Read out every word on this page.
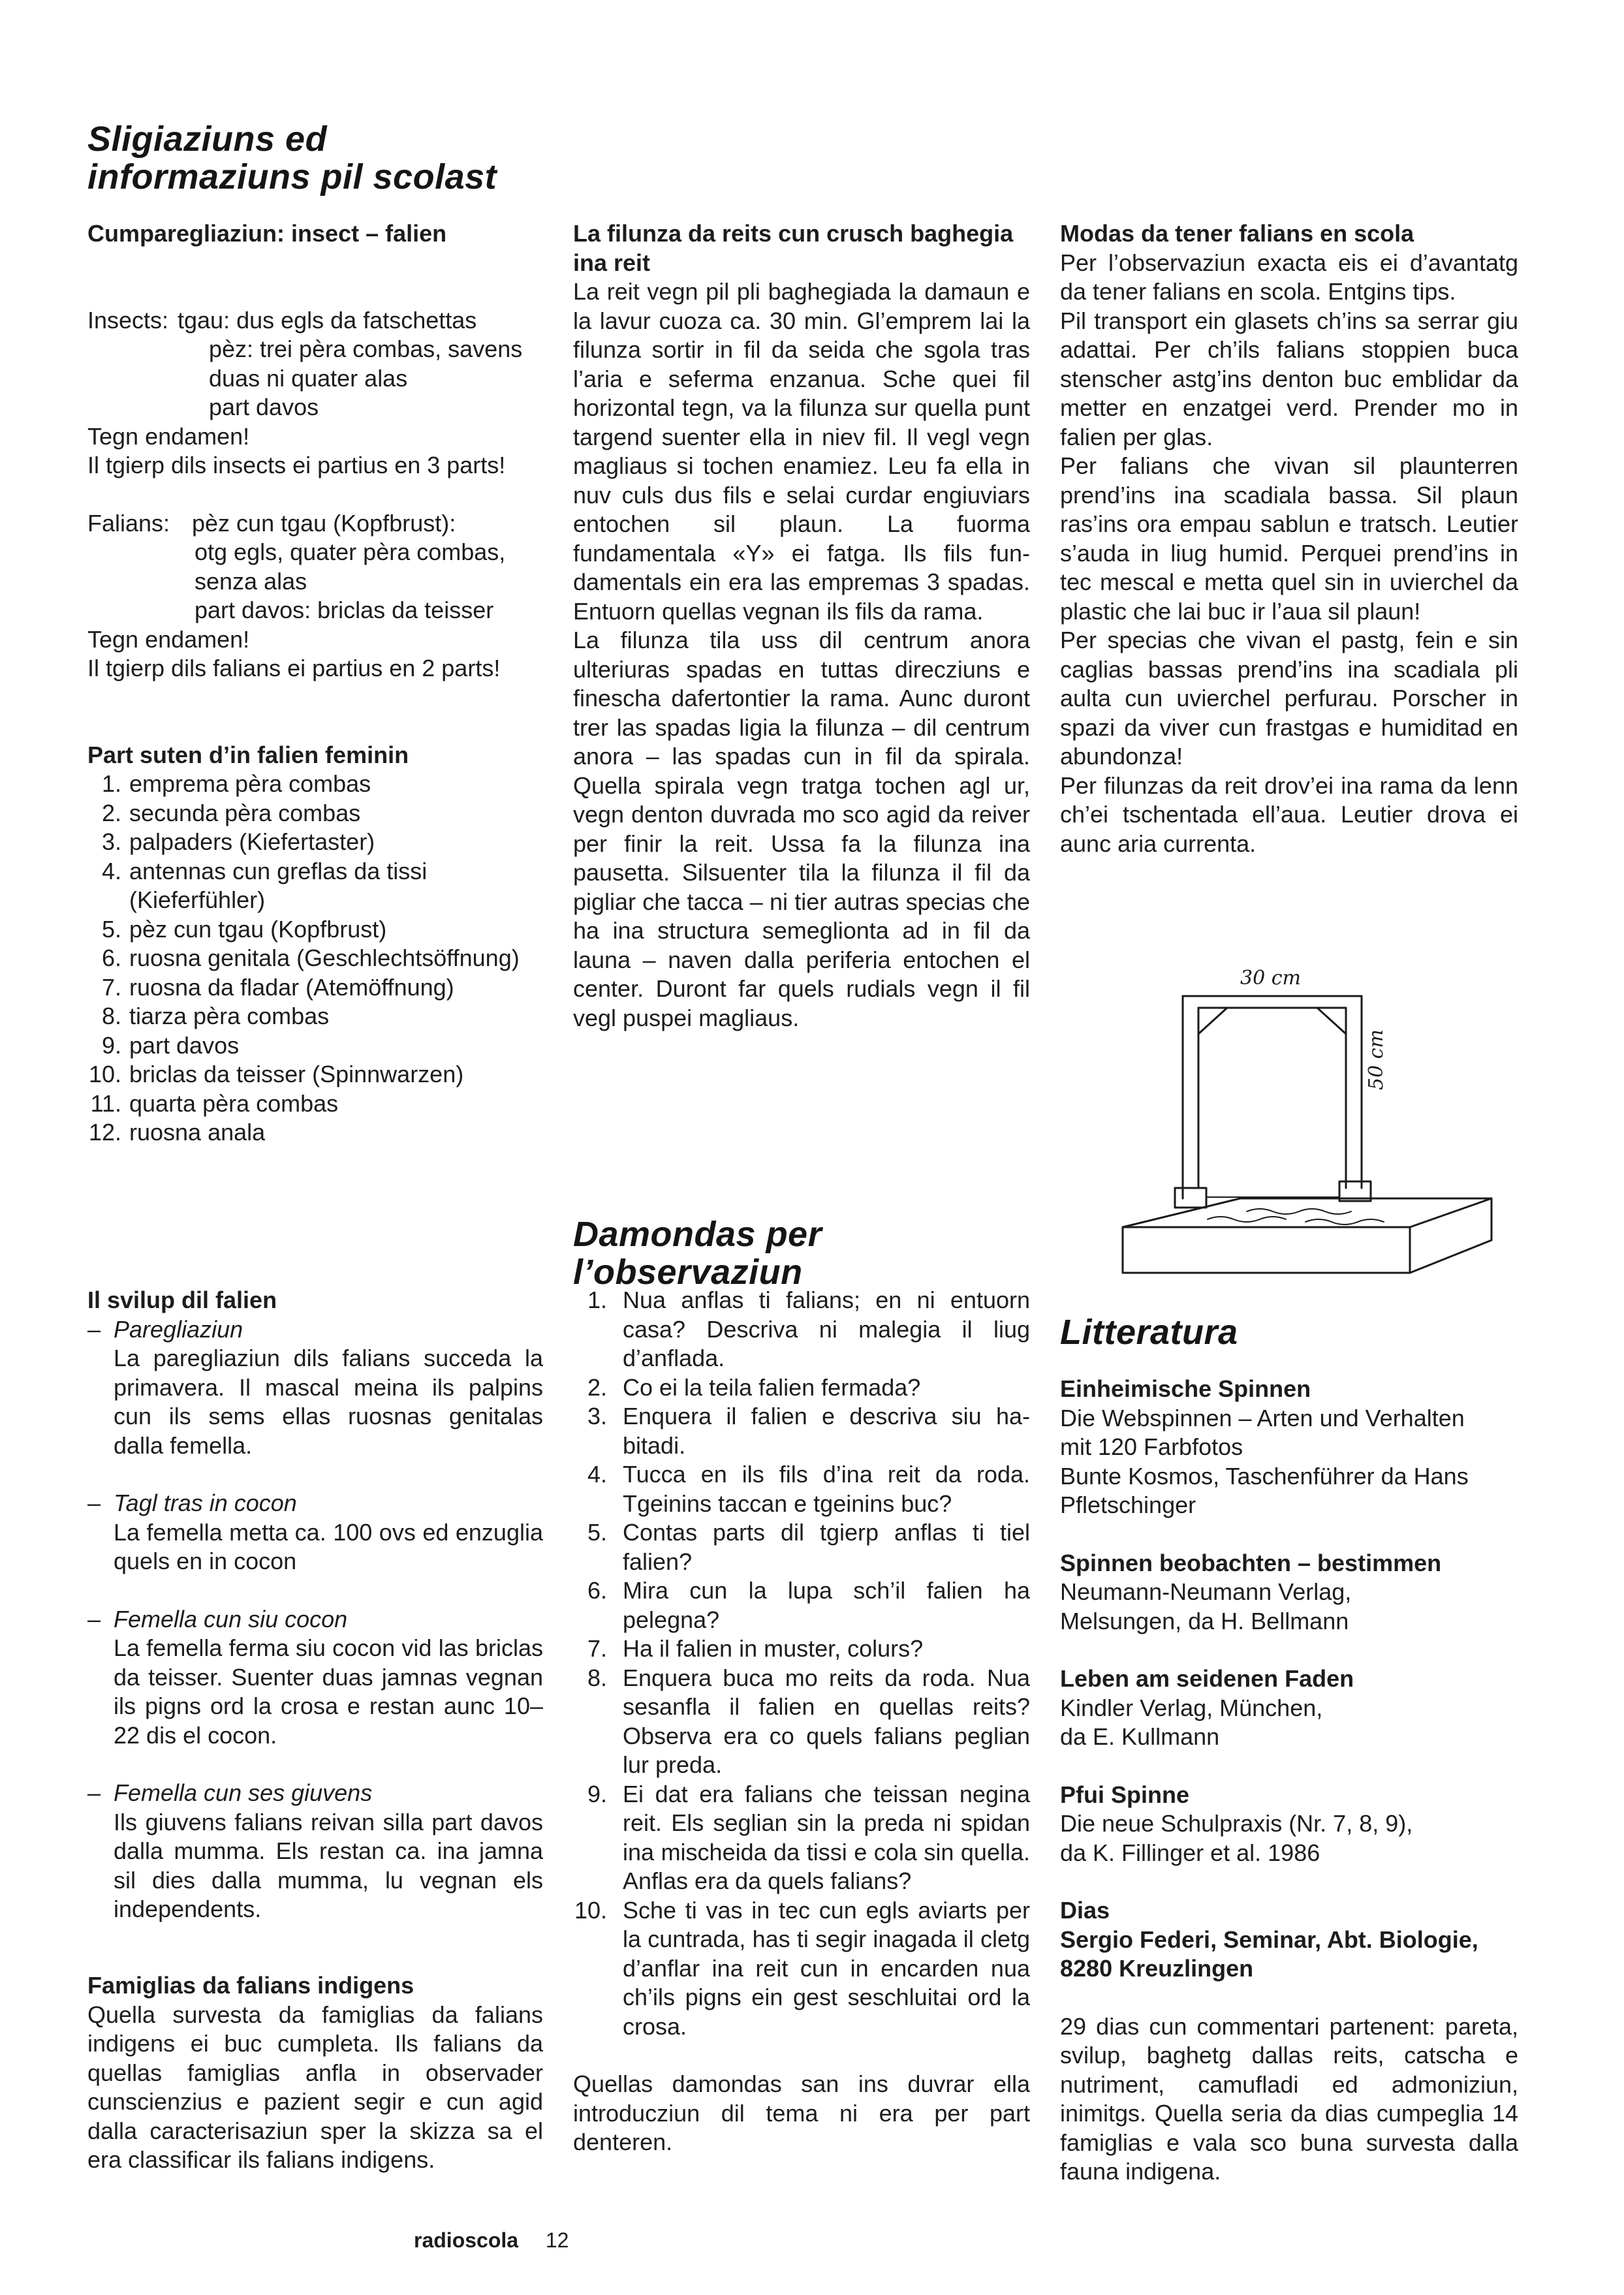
Sligiaziuns ed
informaziuns pil scolast
Cumparegliaziun: insect – falien
Insects: tgau: dus egls da fatschettas
pèz: trei pèra combas, savens
duas ni quater alas
part davos
Tegn endamen!
Il tgierp dils insects ei partius en 3 parts!
Falians: pèz cun tgau (Kopfbrust):
otg egls, quater pèra combas,
senza alas
part davos: briclas da teisser
Tegn endamen!
Il tgierp dils falians ei partius en 2 parts!
Part suten d’in falien feminin
1. emprema pèra combas
2. secunda pèra combas
3. palpaders (Kiefertaster)
4. antennas cun greflas da tissi (Kieferfühler)
5. pèz cun tgau (Kopfbrust)
6. ruosna genitala (Geschlechtsöffnung)
7. ruosna da fladar (Atemöffnung)
8. tiarza pèra combas
9. part davos
10. briclas da teisser (Spinnwarzen)
11. quarta pèra combas
12. ruosna anala
Il svilup dil falien
– Paregliaziun
La paregliaziun dils falians succeda la primavera. Il mascal meina ils palpins cun ils sems ellas ruosnas genitalas dalla femella.
– Tagl tras in cocon
La femella metta ca. 100 ovs ed enzuglia quels en in cocon
– Femella cun siu cocon
La femella ferma siu cocon vid las briclas da teisser. Suenter duas jamnas vegnan ils pigns ord la crosa e restan aunc 10–22 dis el cocon.
– Femella cun ses giuvens
Ils giuvens falians reivan silla part davos dalla mumma. Els restan ca. ina jamna sil dies dalla mumma, lu vegnan els independents.
Famiglias da falians indigens

Quella survesta da famiglias da falians indigens ei buc cumpleta. Ils falians da quellas famiglias anfla in observader cunscienzius e pazient segir e cun agid dalla caracterisaziun sper la skizza sa el era classificar ils falians indigens.

La filunza da reits cun crusch baghegia ina reit

La reit vegn pil pli baghegiada la damaun e la lavur cuoza ca. 30 min. Gl’emprem lai la filunza sortir in fil da seida che sgola tras l’aria e seferma enzanua. Sche quei fil horizontal tegn, va la filunza sur quella punt targend suenter ella in niev fil. Il vegl vegn magliaus si tochen enamiez. Leu fa ella in nuv culs dus fils e selai curdar engiuviars entochen sil plaun. La fuorma fundamentala «Y» ei fatga. Ils fils fundamentals ein era las empremas 3 spadas. Entuorn quellas vegnan ils fils da rama.

La filunza tila uss dil centrum anora ulteriuras spadas en tuttas direcziuns e finescha dafertontier la rama. Aunc duront trer las spadas ligia la filunza – dil centrum anora – las spadas cun in fil da spirala. Quella spirala vegn tratga tochen agl ur, vegn denton duvrada mo sco agid da reiver per finir la reit. Ussa fa la filunza ina pausetta. Silsuenter tila la filunza il fil da pigliar che tacca – ni tier autras specias che ha ina structura semeglionta ad in fil da launa – naven dalla periferia entochen el center. Duront far quels rudials vegn il fil vegl puspei magliaus.

Damondas per l’observaziun
1. Nua anflas ti falians; en ni entuorn casa? Descriva ni malegia il liug d’anflada.
2. Co ei la teila falien fermada?
3. Enquera il falien e descriva siu habitadi.
4. Tucca en ils fils d’ina reit da roda. Tgeinins taccan e tgeinins buc?
5. Contas parts dil tgierp anflas ti tiel falien?
6. Mira cun la lupa sch’il falien ha pelegna?
7. Ha il falien in muster, colurs?
8. Enquera buca mo reits da roda. Nua sesanfla il falien en quellas reits? Observa era co quels falians peglian lur preda.
9. Ei dat era falians che teissan negina reit. Els seglian sin la preda ni spidan ina mischeida da tissi e cola sin quella. Anflas era da quels falians?
10. Sche ti vas in tec cun egls aviarts per la cuntrada, has ti segir inagada il cletg d’anflar ina reit cun in encarden nua ch’ils pigns ein gest seschluitai ord la crosa.

Quellas damondas san ins duvrar ella introducziun dil tema ni era per part denteren.

Modas da tener falians en scola

Per l’observaziun exacta eis ei d’avantatg da tener falians en scola. Entgins tips.

Pil transport ein glasets ch’ins sa serrar giu adattai. Per ch’ils falians stoppien buca stenscher astg’ins denton buc emblidar da metter en enzatgei verd. Prender mo in falien per glas.

Per falians che vivan sil plaunterren prend’ins ina scadiala bassa. Sil plaun ras’ins ora empau sablun e tratsch. Leutier s’auda in liug humid. Perquei prend’ins in tec mescal e metta quel sin in uvierchel da plastic che lai buc ir l’aua sil plaun!

Per specias che vivan el pastg, fein e sin caglias bassas prend’ins ina scadiala pli aulta cun uvierchel perfurau. Porscher in spazi da viver cun frastgas e humiditad en abundonza!

Per filunzas da reit drov’ei ina rama da lenn ch’ei tschentada ell’aua. Leutier drova ei aunc aria currenta.

30 cm
50 cm
Litteratura
Einheimische Spinnen
Die Webspinnen – Arten und Verhalten
mit 120 Farbfotos
Bunte Kosmos, Taschenführer da Hans
Pfletschinger
Spinnen beobachten – bestimmen
Neumann-Neumann Verlag,
Melsungen, da H. Bellmann
Leben am seidenen Faden
Kindler Verlag, München,
da E. Kullmann
Pfui Spinne
Die neue Schulpraxis (Nr. 7, 8, 9),
da K. Fillinger et al. 1986
Dias
Sergio Federi, Seminar, Abt. Biologie, 8280 Kreuzlingen

29 dias cun commentari partenent: pareta, svilup, baghetg dallas reits, catscha e nutriment, camufladi ed admoniziun, inimitgs. Quella seria da dias cumpeglia 14 famiglias e vala sco buna survesta dalla fauna indigena.

radioscola 12
